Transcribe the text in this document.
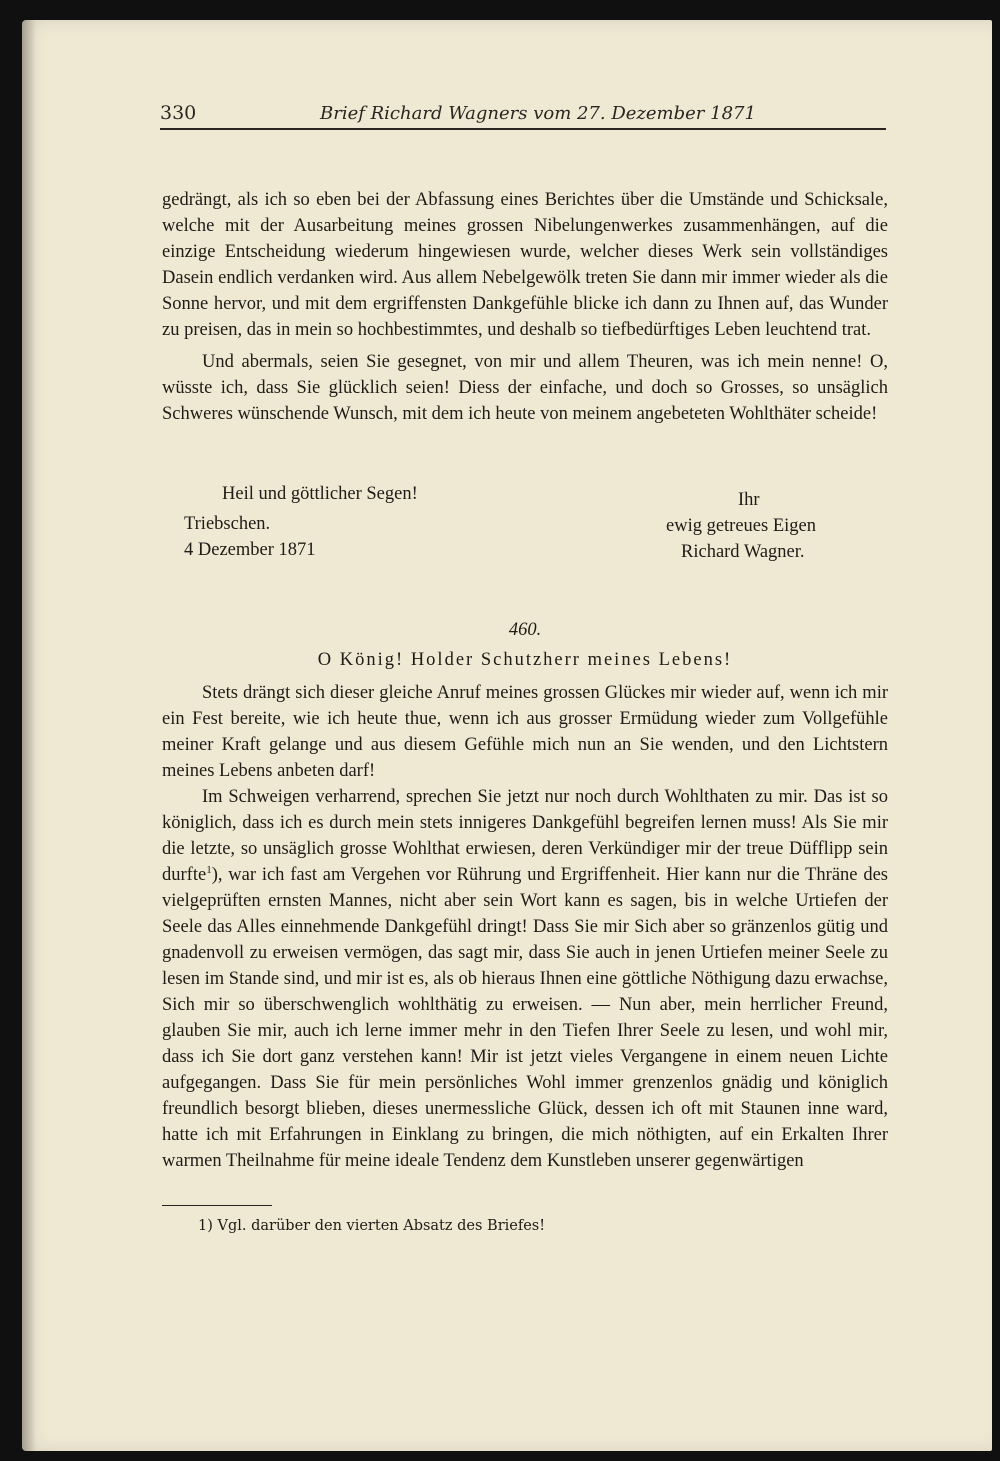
330	Brief Richard Wagners vom 27. Dezember 1871

gedrängt, als ich so eben bei der Abfassung eines Berichtes über die Umstände und Schicksale, welche mit der Ausarbeitung meines grossen Nibelungenwerkes zusammenhängen, auf die einzige Entscheidung wiederum hingewiesen wurde, welcher dieses Werk sein vollständiges Dasein endlich verdanken wird. Aus allem Nebelgewölk treten Sie dann mir immer wieder als die Sonne hervor, und mit dem ergriffensten Dankgefühle blicke ich dann zu Ihnen auf, das Wunder zu preisen, das in mein so hochbestimmtes, und deshalb so tiefbedürftiges Leben leuchtend trat.

Und abermals, seien Sie gesegnet, von mir und allem Theuren, was ich mein nenne! O, wüsste ich, dass Sie glücklich seien! Diess der einfache, und doch so Grosses, so unsäglich Schweres wünschende Wunsch, mit dem ich heute von meinem angebeteten Wohlthäter scheide!

Heil und göttlicher Segen!
Triebschen.
4 Dezember 1871
Ihr
ewig getreues Eigen
Richard Wagner.
460.
O König! Holder Schutzherr meines Lebens!

Stets drängt sich dieser gleiche Anruf meines grossen Glückes mir wieder auf, wenn ich mir ein Fest bereite, wie ich heute thue, wenn ich aus grosser Ermüdung wieder zum Vollgefühle meiner Kraft gelange und aus diesem Gefühle mich nun an Sie wenden, und den Lichtstern meines Lebens anbeten darf!

Im Schweigen verharrend, sprechen Sie jetzt nur noch durch Wohlthaten zu mir. Das ist so königlich, dass ich es durch mein stets innigeres Dankgefühl begreifen lernen muss! Als Sie mir die letzte, so unsäglich grosse Wohlthat erwiesen, deren Verkündiger mir der treue Düfflipp sein durfte$^1$), war ich fast am Vergehen vor Rührung und Ergriffenheit. Hier kann nur die Thräne des vielgeprüften ernsten Mannes, nicht aber sein Wort kann es sagen, bis in welche Urtiefen der Seele das Alles einnehmende Dankgefühl dringt! Dass Sie mir Sich aber so gränzenlos gütig und gnadenvoll zu erweisen vermögen, das sagt mir, dass Sie auch in jenen Urtiefen meiner Seele zu lesen im Stande sind, und mir ist es, als ob hieraus Ihnen eine göttliche Nöthigung dazu erwachse, Sich mir so überschwenglich wohlthätig zu erweisen. — Nun aber, mein herrlicher Freund, glauben Sie mir, auch ich lerne immer mehr in den Tiefen Ihrer Seele zu lesen, und wohl mir, dass ich Sie dort ganz verstehen kann! Mir ist jetzt vieles Vergangene in einem neuen Lichte aufgegangen. Dass Sie für mein persönliches Wohl immer grenzenlos gnädig und königlich freundlich besorgt blieben, dieses unermessliche Glück, dessen ich oft mit Staunen inne ward, hatte ich mit Erfahrungen in Einklang zu bringen, die mich nöthigten, auf ein Erkalten Ihrer warmen Theilnahme für meine ideale Tendenz dem Kunstleben unserer gegenwärtigen

1) Vgl. darüber den vierten Absatz des Briefes!
